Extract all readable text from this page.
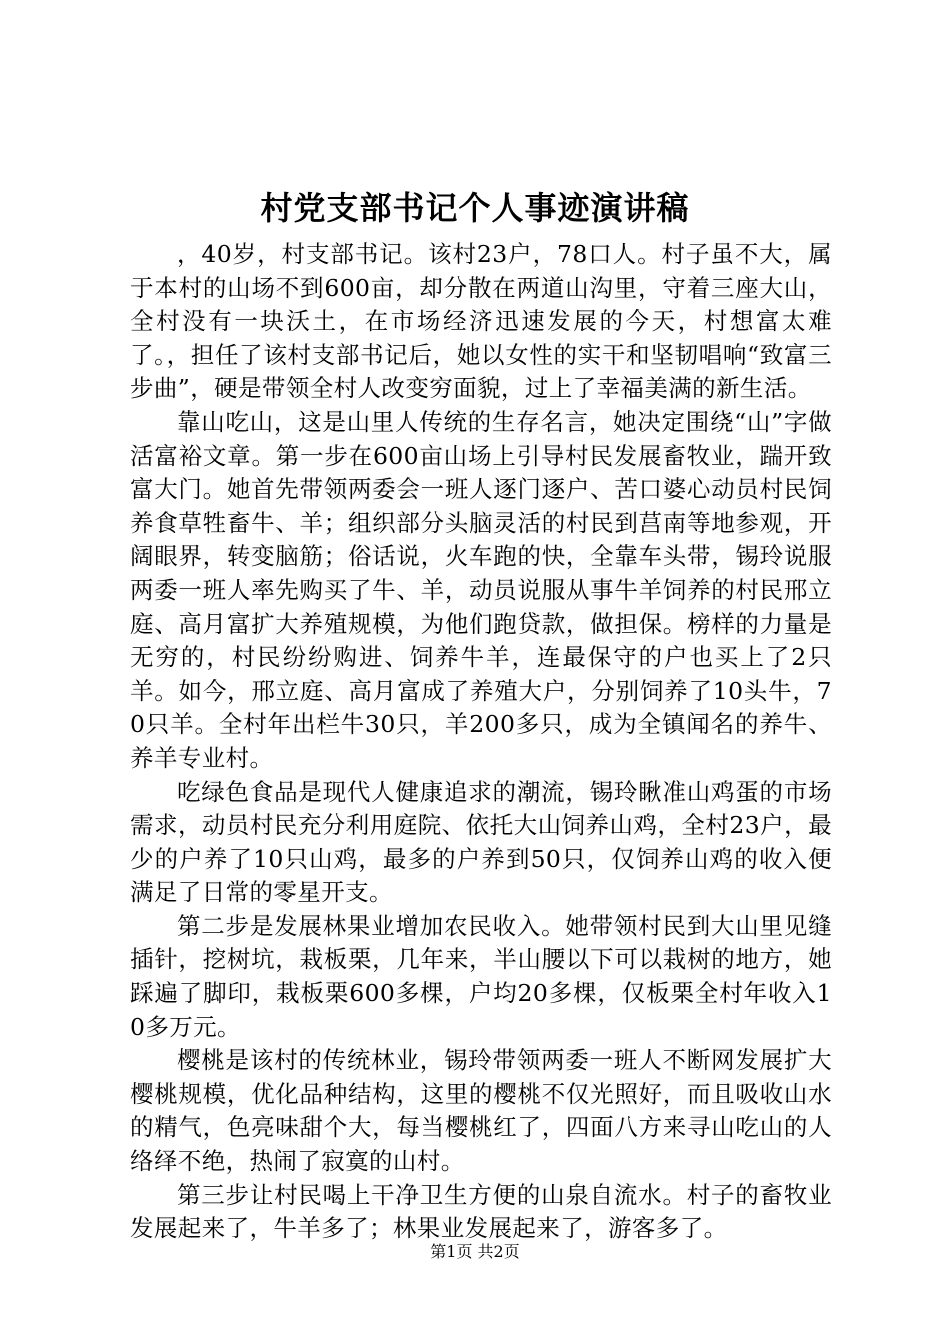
村党支部书记个人事迹演讲稿

，40岁，村支部书记。该村23户，78口人。村子虽不大，属于本村的山场不到600亩，却分散在两道山沟里，守着三座大山，全村没有一块沃土，在市场经济迅速发展的今天，村想富太难了。，担任了该村支部书记后，她以女性的实干和坚韧唱响“致富三步曲”，硬是带领全村人改变穷面貌，过上了幸福美满的新生活。

靠山吃山，这是山里人传统的生存名言，她决定围绕“山”字做活富裕文章。第一步在600亩山场上引导村民发展畜牧业，踹开致富大门。她首先带领两委会一班人逐门逐户、苦口婆心动员村民饲养食草牲畜牛、羊；组织部分头脑灵活的村民到莒南等地参观，开阔眼界，转变脑筋；俗话说，火车跑的快，全靠车头带，锡玲说服两委一班人率先购买了牛、羊，动员说服从事牛羊饲养的村民邢立庭、高月富扩大养殖规模，为他们跑贷款，做担保。榜样的力量是无穷的，村民纷纷购进、饲养牛羊，连最保守的户也买上了2只羊。如今，邢立庭、高月富成了养殖大户，分别饲养了10头牛，70只羊。全村年出栏牛30只，羊200多只，成为全镇闻名的养牛、养羊专业村。

吃绿色食品是现代人健康追求的潮流，锡玲瞅准山鸡蛋的市场需求，动员村民充分利用庭院、依托大山饲养山鸡，全村23户，最少的户养了10只山鸡，最多的户养到50只，仅饲养山鸡的收入便满足了日常的零星开支。

第二步是发展林果业增加农民收入。她带领村民到大山里见缝插针，挖树坑，栽板栗，几年来，半山腰以下可以栽树的地方，她踩遍了脚印，栽板栗600多棵，户均20多棵，仅板栗全村年收入10多万元。

樱桃是该村的传统林业，锡玲带领两委一班人不断网发展扩大樱桃规模，优化品种结构，这里的樱桃不仅光照好，而且吸收山水的精气，色亮味甜个大，每当樱桃红了，四面八方来寻山吃山的人络绎不绝，热闹了寂寞的山村。

第三步让村民喝上干净卫生方便的山泉自流水。村子的畜牧业发展起来了，牛羊多了；林果业发展起来了，游客多了。

第1页 共2页
